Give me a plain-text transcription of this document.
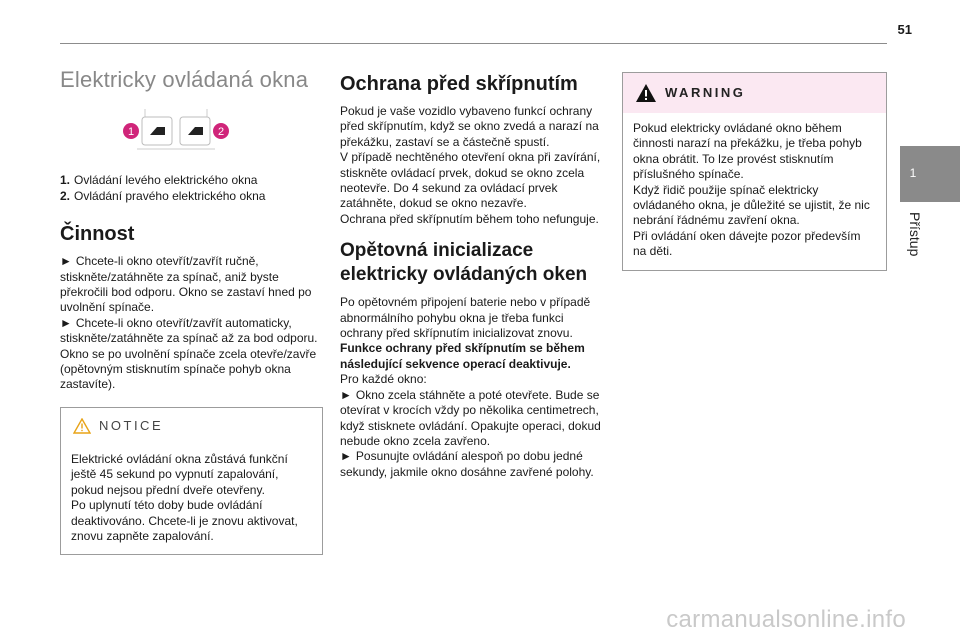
51
1
Přístup
Elektricky ovládaná okna
1	2
1. Ovládání levého elektrického okna
2. Ovládání pravého elektrického okna
Činnost

► Chcete-li okno otevřít/zavřít ručně, stiskněte/zatáhněte za spínač, aniž byste překročili bod odporu. Okno se zastaví hned po uvolnění spínače.

► Chcete-li okno otevřít/zavřít automaticky, stiskněte/zatáhněte za spínač až za bod odporu. Okno se po uvolnění spínače zcela otevře/zavře (opětovným stisknutím spínače pohyb okna zastavíte).

NOTICE

Elektrické ovládání okna zůstává funkční ještě 45 sekund po vypnutí zapalování, pokud nejsou přední dveře otevřeny.

Po uplynutí této doby bude ovládání deaktivováno. Chcete-li je znovu aktivovat, znovu zapněte zapalování.

Ochrana před skřípnutím

Pokud je vaše vozidlo vybaveno funkcí ochrany před skřípnutím, když se okno zvedá a narazí na překážku, zastaví se a částečně spustí.

V případě nechtěného otevření okna při zavírání, stiskněte ovládací prvek, dokud se okno zcela neotevře. Do 4 sekund za ovládací prvek zatáhněte, dokud se okno nezavře.

Ochrana před skřípnutím během toho nefunguje.

Opětovná inicializace elektricky ovládaných oken

Po opětovném připojení baterie nebo v případě abnormálního pohybu okna je třeba funkci ochrany před skřípnutím inicializovat znovu.

Funkce ochrany před skřípnutím se během následující sekvence operací deaktivuje.

Pro každé okno:

► Okno zcela stáhněte a poté otevřete. Bude se otevírat v krocích vždy po několika centimetrech, když stisknete ovládání. Opakujte operaci, dokud nebude okno zcela zavřeno.

► Posunujte ovládání alespoň po dobu jedné sekundy, jakmile okno dosáhne zavřené polohy.

WARNING

Pokud elektricky ovládané okno během činnosti narazí na překážku, je třeba pohyb okna obrátit. To lze provést stisknutím příslušného spínače.

Když řidič použije spínač elektricky ovládaného okna, je důležité se ujistit, že nic nebrání řádnému zavření okna.

Při ovládání oken dávejte pozor především na děti.

carmanualsonline.info
